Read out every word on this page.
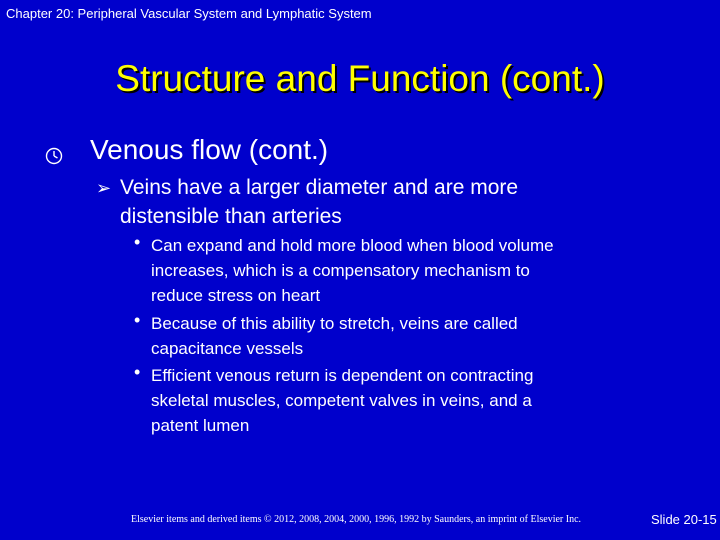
Chapter 20: Peripheral Vascular System and Lymphatic System
Structure and Function (cont.)
Venous flow (cont.)
➢ Veins have a larger diameter and are more
distensible than arteries
• Can expand and hold more blood when blood volume
increases, which is a compensatory mechanism to
reduce stress on heart
• Because of this ability to stretch, veins are called
capacitance vessels
• Efficient venous return is dependent on contracting
skeletal muscles, competent valves in veins, and a
patent lumen
Elsevier items and derived items © 2012, 2008, 2004, 2000, 1996, 1992 by Saunders, an imprint of Elsevier Inc.	Slide 20-15
